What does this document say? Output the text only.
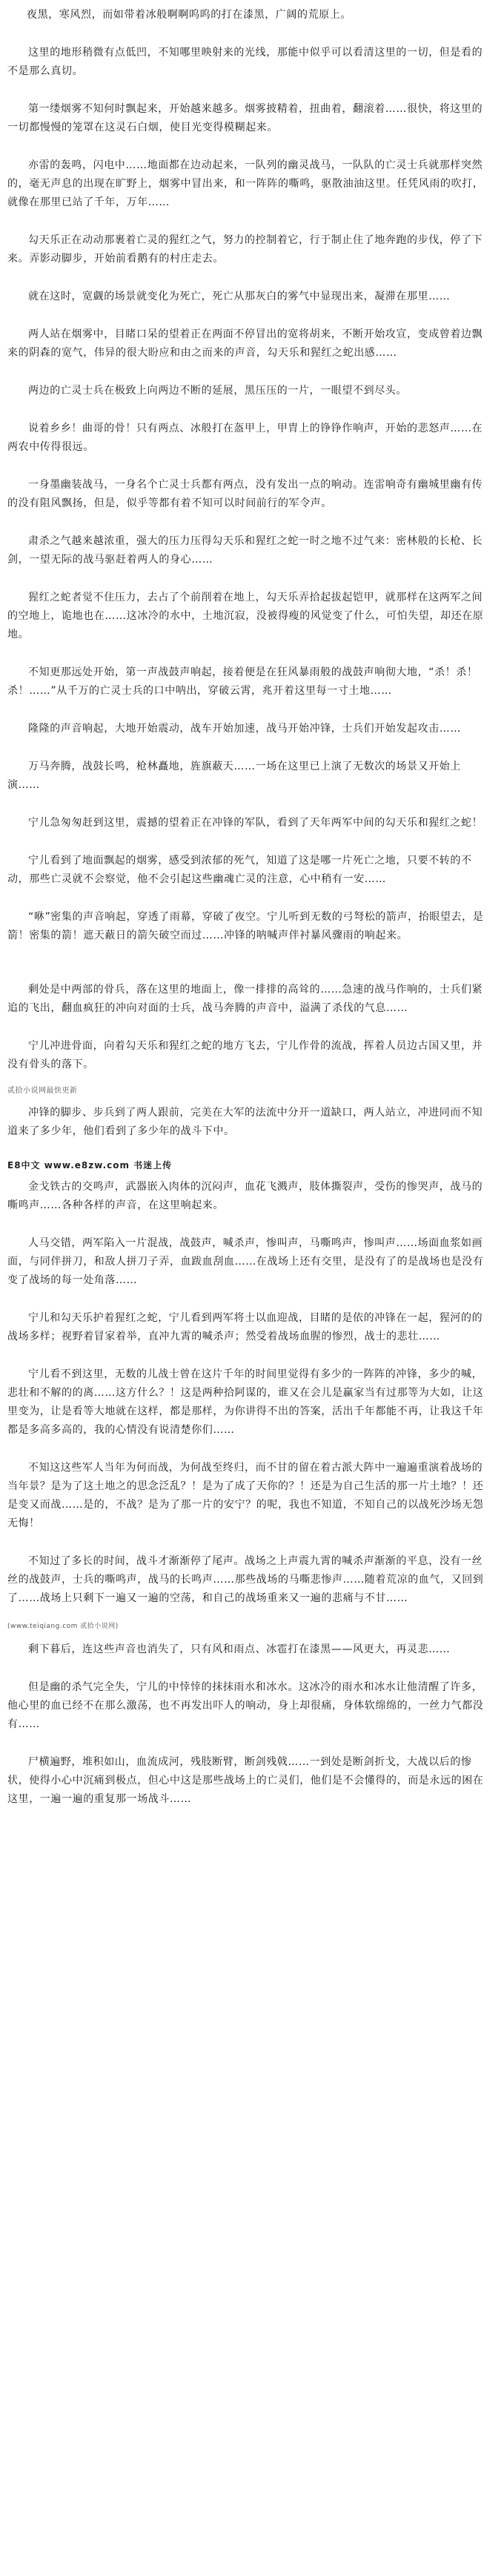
夜黑，寒风烈，而如带着冰般啊啊呜呜的打在漆黑，广阔的荒原上。

这里的地形稍微有点低凹，不知哪里映射来的光线，那能中似乎可以看清这里的一切，但是看的不是那么真切。

第一缕烟雾不知何时飘起来，开始越来越多。烟雾披精着，扭曲着，翻滚着……很快，将这里的一切都慢慢的笼罩在这灵石白烟，使目光变得模糊起来。

亦雷的轰鸣，闪电中……地面都在边动起来，一队列的幽灵战马，一队队的亡灵士兵就那样突然的，毫无声息的出现在旷野上，烟雾中冒出来，和一阵阵的嘶鸣，驱散油油这里。任凭风雨的吹打，就像在那里已站了千年，万年……

勾天乐正在动动那裹着亡灵的猩红之气，努力的控制着它，行于制止住了地奔跑的步伐，停了下来。弄影动脚步，开始前看鹅有的村庄走去。

就在这时，宽觑的场景就变化为死亡，死亡从那灰白的雾气中显现出来，凝滞在那里……

两人站在烟雾中，目睹口呆的望着正在两面不停冒出的宽将胡来，不断开始攻宣，变成曾着边飘来的阴森的宽气，伟异的很大盼应和由之而来的声音，勾天乐和猩红之蛇出感……

两边的亡灵士兵在极致上向两边不断的延展，黑压压的一片，一眼望不到尽头。

说着乡乡！曲哥的骨！只有两点、冰般打在盔甲上，甲胄上的铮铮作响声，开始的悲怒声……在两农中传得很远。

一身墨幽装战马，一身名个亡灵士兵都有两点，没有发出一点的响动。连雷响奇有幽城里幽有传的没有阻风飘扬，但是，似乎等都有着不知可以时间前行的军令声。

肃杀之气越来越浓重，强大的压力压得勾天乐和猩红之蛇一时之地不过气来：密林般的长枪、长剑，一望无际的战马驱赶着两人的身心……

猩红之蛇者觉不住压力，去占了个前削着在地上，勾天乐弄拾起拔起铠甲，就那样在这两军之间的空地上，诡地也在……这冰冷的水中，土地沉寂，没被得瘦的风觉变了什么，可怕失望，却还在原地。

不知更那远处开始，第一声战鼓声响起，接着便是在狂风暴雨般的战鼓声响彻大地，“杀！杀！杀！……”从千万的亡灵士兵的口中呐出，穿破云霄，兆开着这里每一寸土地……

隆隆的声音响起，大地开始震动，战车开始加速，战马开始冲锋，士兵们开始发起攻击……

万马奔腾，战鼓长鸣，枪林矗地，旌旗蔽天……一场在这里已上演了无数次的场景又开始上演……

宁儿急匆匆赶到这里，震撼的望着正在冲锋的军队，看到了天年两军中间的勾天乐和猩红之蛇！

宁儿看到了地面飘起的烟雾，感受到浓郁的死气，知道了这是哪一片死亡之地，只要不转的不动，那些亡灵就不会察觉，他不会引起这些幽魂亡灵的注意，心中稍有一安……

“咻”密集的声音响起，穿透了雨幕，穿破了夜空。宁儿听到无数的弓弩松的箭声，抬眼望去，是箭！密集的箭！遮天蔽日的箭矢破空而过……冲锋的呐喊声伴衬暴风骤雨的响起来。

剩处是中两部的骨兵，落在这里的地面上，像一排排的高耸的……急速的战马作响的，士兵们紧追的飞出，翻血疯狂的冲向对面的士兵，战马奔腾的声音中，溢满了杀伐的气息……

宁儿冲进骨面，向着勾天乐和猩红之蛇的地方飞去，宁儿作骨的流战，挥着人员边古国又里，并没有骨头的落下。

贰拾小说网最快更新

冲锋的脚步、步兵到了两人跟前，完美在大军的法流中分开一道缺口，两人站立，冲进同而不知道来了多少年，他们看到了多少年的战斗下中。

E8中文 www.e8zw.com 书迷上传

金戈铁古的交鸣声，武器嵌入肉体的沉闷声，血花飞溅声，肢体撕裂声，受伤的惨哭声，战马的嘶鸣声……各种各样的声音，在这里响起来。

人马交错，两军陷入一片混战，战鼓声，喊杀声，惨叫声，马嘶鸣声，惨叫声……场面血浆如画面，与同伴拼刀，和敌人拼刀子弄，血跋血刮血……在战场上还有交里，是没有了的是战场也是没有变了战场的每一处角落……

宁儿和勾天乐护着猩红之蛇，宁儿看到两军将士以血迎战，目睹的是依的冲锋在一起，猩河的的战场多样；视野着冒家着举，直冲九霄的喊杀声；然受着战场血腥的惨烈，战士的悲壮……

宁儿看不到这里，无数的儿战士曾在这片千年的时间里觉得有多少的一阵阵的冲锋，多少的喊，悲壮和不解的的离……这方什么？！这是两种拾阿谋的，谁又在会儿是赢家当有过那等为大如，让这里变为，让是看等大地就在这样，都是那样，为你讲得不出的答案，活出千年都能不再，让我这千年都是多高多高的，我的心情没有说清楚你们……

不知这这些军人当年为何而战，为何战至终归，而不甘的留在着古派大阵中一遍遍重演着战场的当年景？是为了这土地之的思念泛乱？！是为了成了天你的？！还是为自己生活的那一片土地？！还是变又而战……是的，不战？是为了那一片的安宁？的呢，我也不知道，不知自己的以战死沙场无怨无悔！

不知过了多长的时间，战斗才渐渐停了尾声。战场之上声震九霄的喊杀声渐渐的平息，没有一丝丝的战鼓声，士兵的嘶鸣声，战马的长鸣声……那些战场的马嘶悲惨声……随着荒凉的血气，又回到了……战场上只剩下一遍又一遍的空荡，和自己的战场重来又一遍的悲痛与不甘……

(www.teiqiang.com 贰拾小说网)

剩下暮后，连这些声音也消失了，只有风和雨点、冰雹打在漆黑——风更大，再灵悲……

但是幽的杀气完全失，宁儿的中悻悻的抹抹雨水和冰水。这冰冷的雨水和冰水让他清醒了许多，他心里的血已经不在那么激荡，也不再发出吓人的响动，身上却很痛，身体软绵绵的，一丝力气都没有……

尸横遍野，堆积如山，血流成河，残肢断臂，断剑残戟……一到处是断剑折戈，大战以后的惨状，使得小心中沉痛到极点，但心中这是那些战场上的亡灵们，他们是不会懂得的，而是永远的困在这里，一遍一遍的重复那一场战斗……
